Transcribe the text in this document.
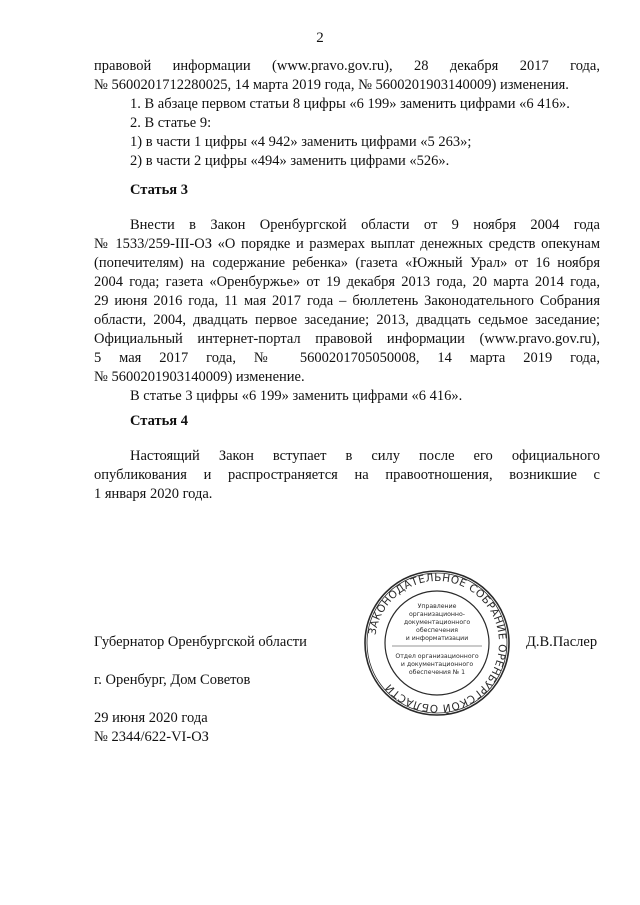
2
правовой информации (www.pravo.gov.ru), 28 декабря 2017 года,
№ 5600201712280025, 14 марта 2019 года, № 5600201903140009) изменения.
1. В абзаце первом статьи 8 цифры «6 199» заменить цифрами «6 416».
2. В статье 9:
1) в части 1 цифры «4 942» заменить цифрами «5 263»;
2) в части 2 цифры «494» заменить цифрами «526».
Статья 3
Внести в Закон Оренбургской области от 9 ноября 2004 года
№ 1533/259-III-ОЗ «О порядке и размерах выплат денежных средств опекунам
(попечителям) на содержание ребенка» (газета «Южный Урал» от 16 ноября
2004 года; газета «Оренбуржье» от 19 декабря 2013 года, 20 марта 2014 года,
29 июня 2016 года, 11 мая 2017 года – бюллетень Законодательного Собрания
области, 2004, двадцать первое заседание; 2013, двадцать седьмое заседание;
Официальный интернет-портал правовой информации (www.pravo.gov.ru),
5 мая 2017 года, № 5600201705050008, 14 марта 2019 года,
№ 5600201903140009) изменение.
В статье 3 цифры «6 199» заменить цифрами «6 416».
Статья 4
Настоящий Закон вступает в силу после его официального
опубликования и распространяется на правоотношения, возникшие с
1 января 2020 года.
ЗАКОНОДАТЕЛЬНОЕ СОБРАНИЕ ОРЕНБУРГСКОЙ ОБЛАСТИ
Управление
организационно-
документационного
обеспечения
и информатизации
Отдел организационного
и документационного
обеспечения № 1
Губернатор Оренбургской области	Д.В.Паслер
г. Оренбург, Дом Советов
29 июня 2020 года
№ 2344/622-VI-ОЗ
